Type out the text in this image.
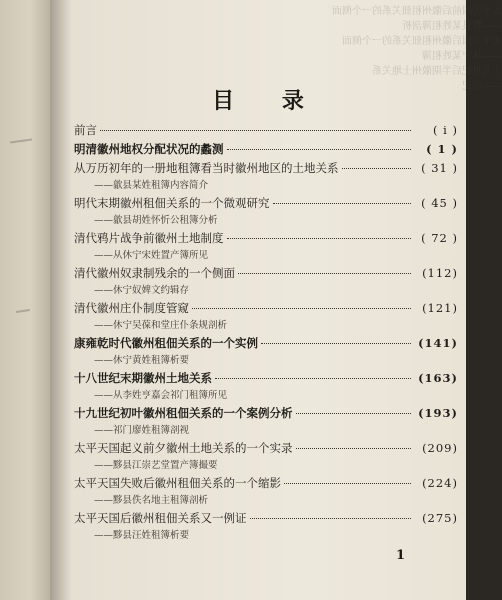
太平天国前后徽州租佃关系的一个侧面
——黟县某姓租簿剖析
太平天国后徽州租佃关系的一个侧面
——休宁某姓租簿
十九世纪后半期徽州土地关系
——后记
目 录
前言	( i )
明清徽州地权分配状况的蠡测	( 1 )
从万历初年的一册地租簿看当时徽州地区的土地关系	( 31 )
——歙县某姓租簿内容简介
明代末期徽州租佃关系的一个微观研究	( 45 )
——歙县胡姓怀忻公租簿分析
清代鸦片战争前徽州土地制度	( 72 )
——从休宁宋姓置产簿所见
清代徽州奴隶制残余的一个侧面	(112)
——休宁奴婢文约辑存
清代徽州庄仆制度管窥	(121)
——休宁吴葆和堂庄仆条规剖析
康雍乾时代徽州租佃关系的一个实例	(141)
——休宁黄姓租簿析要
十八世纪末期徽州土地关系	(163)
——从李姓亨嘉会祁门租簿所见
十九世纪初叶徽州租佃关系的一个案例分析	(193)
——祁门廖姓租簿剖视
太平天国起义前夕徽州土地关系的一个实录	(209)
——黟县江崇艺堂置产簿撮要
太平天国失败后徽州租佃关系的一个缩影	(224)
——黟县佚名地主租簿剖析
太平天国后徽州租佃关系又一例证	(275)
——黟县汪姓租簿析要
1
